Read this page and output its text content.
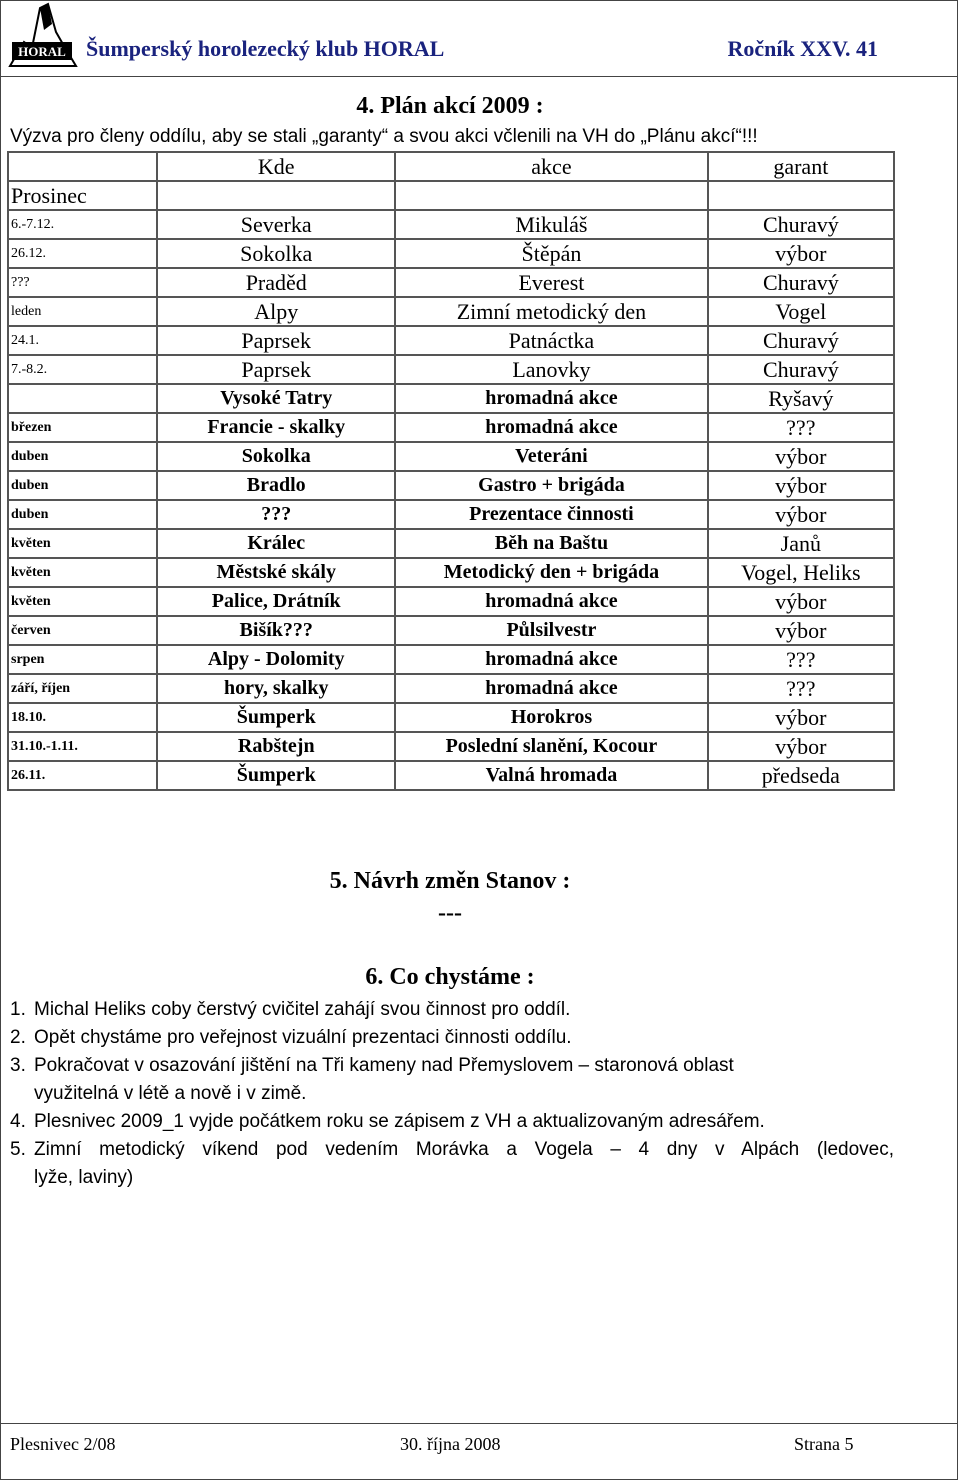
HORAL Šumperský horolezecký klub HORAL	Ročník XXV. 41
4. Plán akcí 2009 :
Výzva pro členy oddílu, aby se stali „garanty“ a svou akci včlenili na VH do „Plánu akcí“!!!
	Kde	akce	garant
Prosinec			
6.-7.12.	Severka	Mikuláš	Churavý
26.12.	Sokolka	Štěpán	výbor
???	Praděd	Everest	Churavý
leden	Alpy	Zimní metodický den	Vogel
24.1.	Paprsek	Patnáctka	Churavý
7.-8.2.	Paprsek	Lanovky	Churavý
	Vysoké Tatry	hromadná akce	Ryšavý
březen	Francie - skalky	hromadná akce	???
duben	Sokolka	Veteráni	výbor
duben	Bradlo	Gastro + brigáda	výbor
duben	???	Prezentace činnosti	výbor
květen	Králec	Běh na Baštu	Janů
květen	Městské skály	Metodický den + brigáda	Vogel, Heliks
květen	Palice, Drátník	hromadná akce	výbor
červen	Bišík???	Půlsilvestr	výbor
srpen	Alpy - Dolomity	hromadná akce	???
září, říjen	hory, skalky	hromadná akce	???
18.10.	Šumperk	Horokros	výbor
31.10.-1.11.	Rabštejn	Poslední slanění, Kocour	výbor
26.11.	Šumperk	Valná hromada	předseda
5. Návrh změn Stanov :
---
6. Co chystáme :
1. Michal Heliks coby čerstvý cvičitel zahájí svou činnost pro oddíl.
2. Opět chystáme pro veřejnost vizuální prezentaci činnosti oddílu.
3. Pokračovat v osazování jištění na Tři kameny nad Přemyslovem – staronová oblast
využitelná v létě a nově i v zimě.
4. Plesnivec 2009_1 vyjde počátkem roku se zápisem z VH a aktualizovaným adresářem.
5. Zimní metodický víkend pod vedením Morávka a Vogela – 4 dny v Alpách (ledovec,
lyže, laviny)
Plesnivec 2/08	30. října 2008	Strana 5
